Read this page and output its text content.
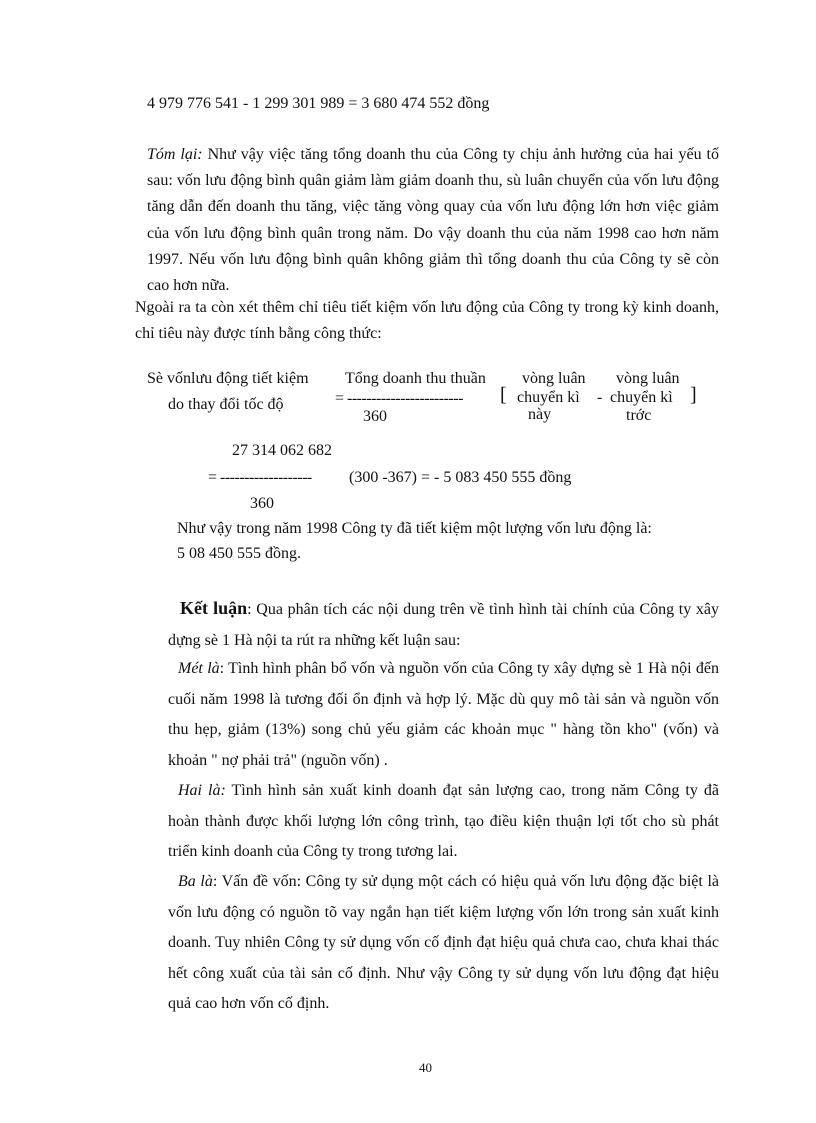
4 979 776 541 - 1 299 301 989 = 3 680 474 552 đồng
Tóm lại: Như vậy việc tăng tổng doanh thu của Công ty chịu ảnh hưởng của hai yếu tố sau: vốn lưu động bình quân giảm làm giảm doanh thu, sù luân chuyển của vốn lưu động tăng dẫn đến doanh thu tăng, việc tăng vòng quay của vốn lưu động lớn hơn việc giảm của vốn lưu động bình quân trong năm. Do vậy doanh thu của năm 1998 cao hơn năm 1997. Nếu vốn lưu động bình quân không giảm thì tổng doanh thu của Công ty sẽ còn cao hơn nữa.
Ngoài ra ta còn xét thêm chỉ tiêu tiết kiệm vốn lưu động của Công ty trong kỳ kinh doanh, chỉ tiêu này được tính bằng công thức:
Sè vốnlưu động tiết kiệm
do thay đổi tốc độ
Tổng doanh thu thuần
= ------------------------
360
[
vòng luân
chuyển kì
này
-
vòng luân
chuyển kì
trớc
]
27 314 062 682
= ------------------- (300 -367) = - 5 083 450 555 đồng
360
Như vậy trong năm 1998 Công ty đã tiết kiệm một lượng vốn lưu động là:
5 08 450 555 đồng.
Kết luận: Qua phân tích các nội dung trên về tình hình tài chính của Công ty xây dựng sè 1 Hà nội ta rút ra những kết luận sau:
Mét là: Tình hình phân bổ vốn và nguồn vốn của Công ty xây dựng sè 1 Hà nội đến cuối năm 1998 là tương đối ổn định và hợp lý. Mặc dù quy mô tài sản và nguồn vốn thu hẹp, giảm (13%) song chủ yếu giảm các khoản mục " hàng tồn kho" (vốn) và khoản " nợ phải trả" (nguồn vốn) .
Hai là: Tình hình sản xuất kinh doanh đạt sản lượng cao, trong năm Công ty đã hoàn thành được khối lượng lớn công trình, tạo điều kiện thuận lợi tốt cho sù phát triển kinh doanh của Công ty trong tương lai.
Ba là: Vấn đề vốn: Công ty sử dụng một cách có hiệu quả vốn lưu động đặc biệt là vốn lưu động có nguồn tõ vay ngắn hạn tiết kiệm lượng vốn lớn trong sản xuất kinh doanh. Tuy nhiên Công ty sử dụng vốn cố định đạt hiệu quả chưa cao, chưa khai thác hết công xuất của tài sản cố định. Như vậy Công ty sử dụng vốn lưu động đạt hiệu quả cao hơn vốn cố định.
40
